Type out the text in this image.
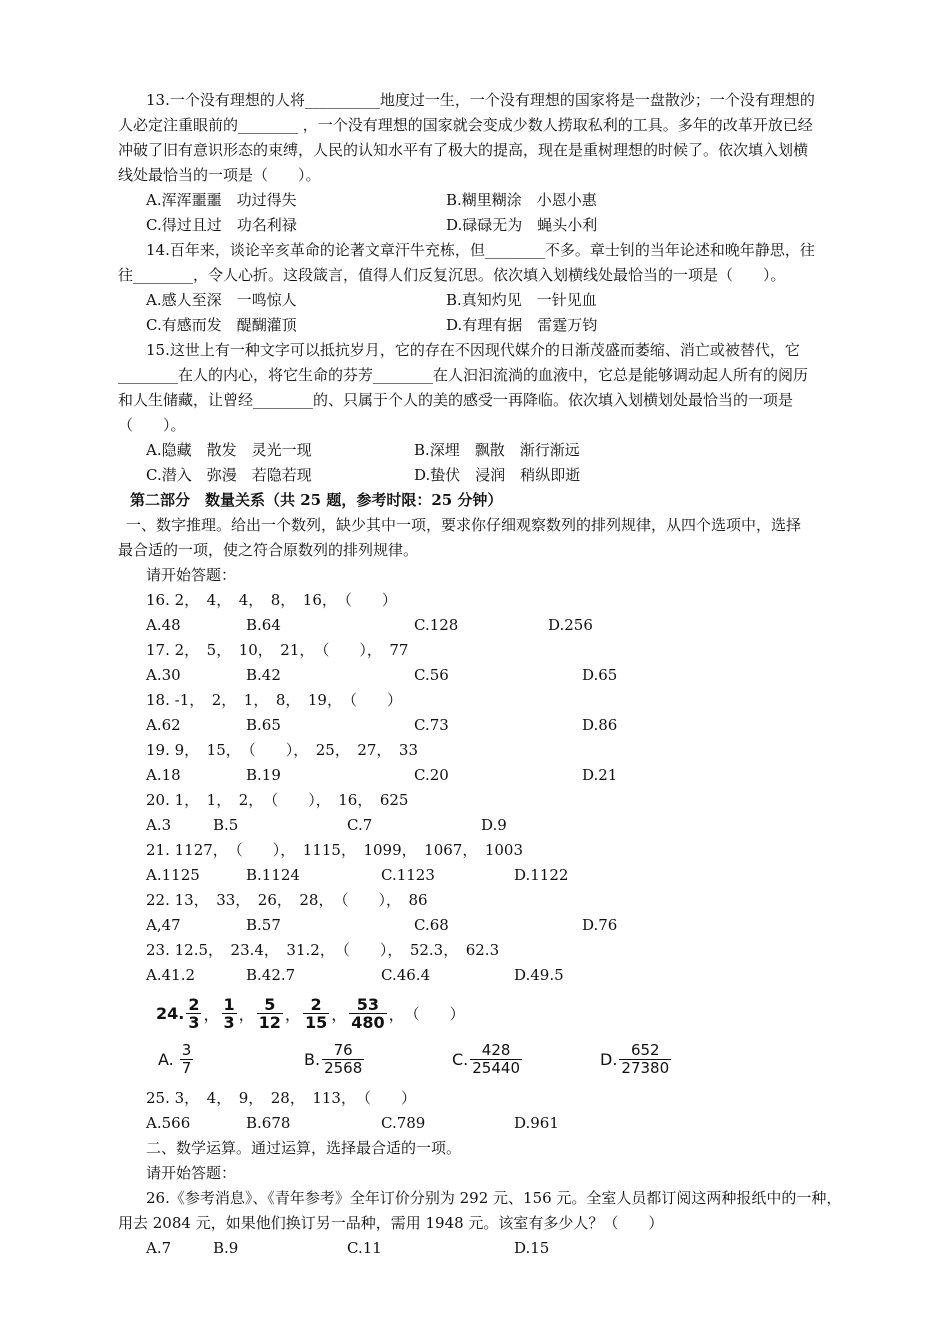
13.一个没有理想的人将__________地度过一生，一个没有理想的国家将是一盘散沙；一个没有理想的
人必定注重眼前的________ ，一个没有理想的国家就会变成少数人捞取私利的工具。多年的改革开放已经
冲破了旧有意识形态的束缚，人民的认知水平有了极大的提高，现在是重树理想的时候了。依次填入划横
线处最恰当的一项是（　　）。
A.浑浑噩噩　功过得失	B.糊里糊涂　小恩小惠
C.得过且过　功名利禄	D.碌碌无为　蝇头小利
14.百年来，谈论辛亥革命的论著文章汗牛充栋，但________不多。章士钊的当年论述和晚年静思，往
往________，令人心折。这段箴言，值得人们反复沉思。依次填入划横线处最恰当的一项是（　　）。
A.感人至深　一鸣惊人	B.真知灼见　一针见血
C.有感而发　醍醐灌顶	D.有理有据　雷霆万钧
15.这世上有一种文字可以抵抗岁月，它的存在不因现代媒介的日渐茂盛而萎缩、消亡或被替代，它
________在人的内心，将它生命的芬芳________在人汩汩流淌的血液中，它总是能够调动起人所有的阅历
和人生储藏，让曾经________的、只属于个人的美的感受一再降临。依次填入划横划处最恰当的一项是
（　　）。
A.隐藏　散发　灵光一现	B.深埋　飘散　渐行渐远
C.潜入　弥漫　若隐若现	D.蛰伏　浸润　稍纵即逝
第二部分　数量关系（共 25 题，参考时限：25 分钟）
一、数字推理。给出一个数列，缺少其中一项，要求你仔细观察数列的排列规律，从四个选项中，选择
最合适的一项，使之符合原数列的排列规律。
请开始答题：
16. 2，　4，　4，　8，　16，　（　　）
A.48	B.64	C.128	D.256
17. 2，　5，　10，　21，　（　　），　77
A.30	B.42	C.56	D.65
18. -1，　2，　1，　8，　19，　（　　）
A.62	B.65	C.73	D.86
19. 9，　15，　（　　），　25，　27，　33
A.18	B.19	C.20	D.21
20. 1，　1，　2，　（　　），　16，　625
A.3	B.5	C.7	D.9
21. 1127，　（　　），　1115，　1099，　1067，　1003
A.1125	B.1124	C.1123	D.1122
22. 13，　33，　26，　28，　（　　），　86
A,47	B.57	C.68	D.76
23. 12.5，　23.4，　31.2，　（　　），　52.3，　62.3
A.41.2	B.42.7	C.46.4	D.49.5
24. $\frac{2}{3}$ ， $\frac{1}{3}$ ， $\frac{5}{12}$ ， $\frac{2}{15}$ ， $\frac{53}{480}$ ， （　　）
A. $\frac{3}{7}$	B. $\frac{76}{2568}$	C. $\frac{428}{25440}$	D. $\frac{652}{27380}$
25. 3，　4，　9，　28，　113，　（　　）
A.566	B.678	C.789	D.961
二、数学运算。通过运算，选择最合适的一项。
请开始答题：
26.《参考消息》、《青年参考》全年订价分别为 292 元、156 元。全室人员都订阅这两种报纸中的一种，
用去 2084 元，如果他们换订另一品种，需用 1948 元。该室有多少人？（　　）
A.7	B.9	C.11	D.15
